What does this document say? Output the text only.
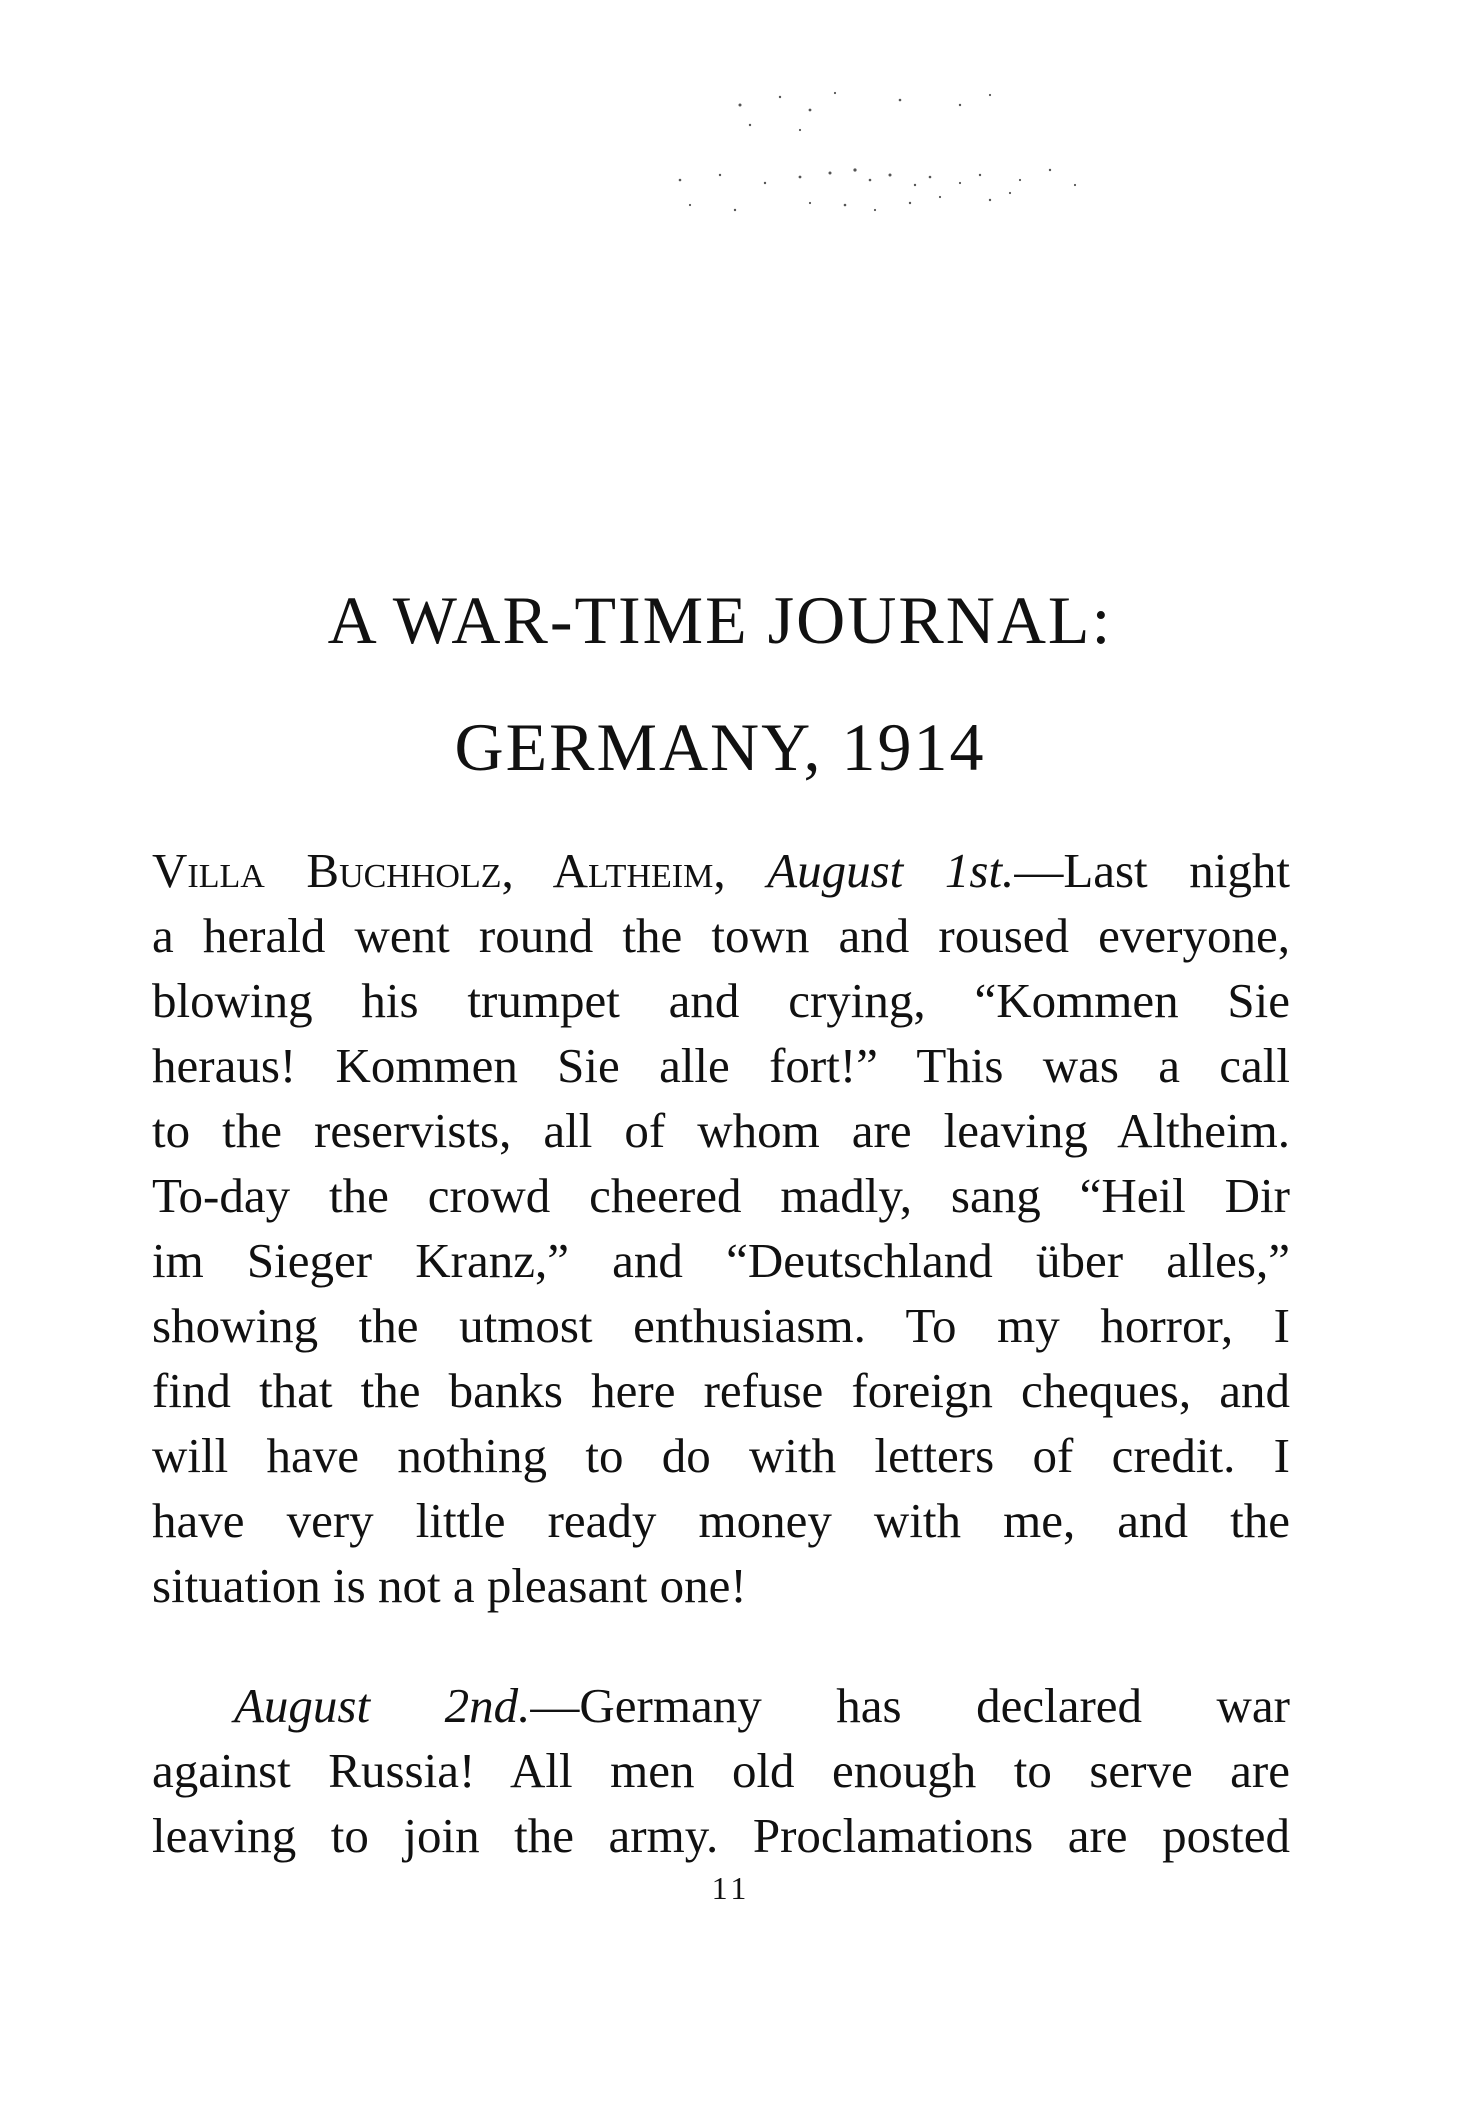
A WAR-TIME JOURNAL:
GERMANY, 1914
Villa Buchholz, Altheim, August 1st.—Last night
a herald went round the town and roused everyone,
blowing his trumpet and crying, “Kommen Sie
heraus! Kommen Sie alle fort!” This was a call
to the reservists, all of whom are leaving Altheim.
To-day the crowd cheered madly, sang “Heil Dir
im Sieger Kranz,” and “Deutschland über alles,”
showing the utmost enthusiasm. To my horror, I
find that the banks here refuse foreign cheques, and
will have nothing to do with letters of credit. I
have very little ready money with me, and the
situation is not a pleasant one!
August 2nd.—Germany has declared war
against Russia! All men old enough to serve are
leaving to join the army. Proclamations are posted
11
